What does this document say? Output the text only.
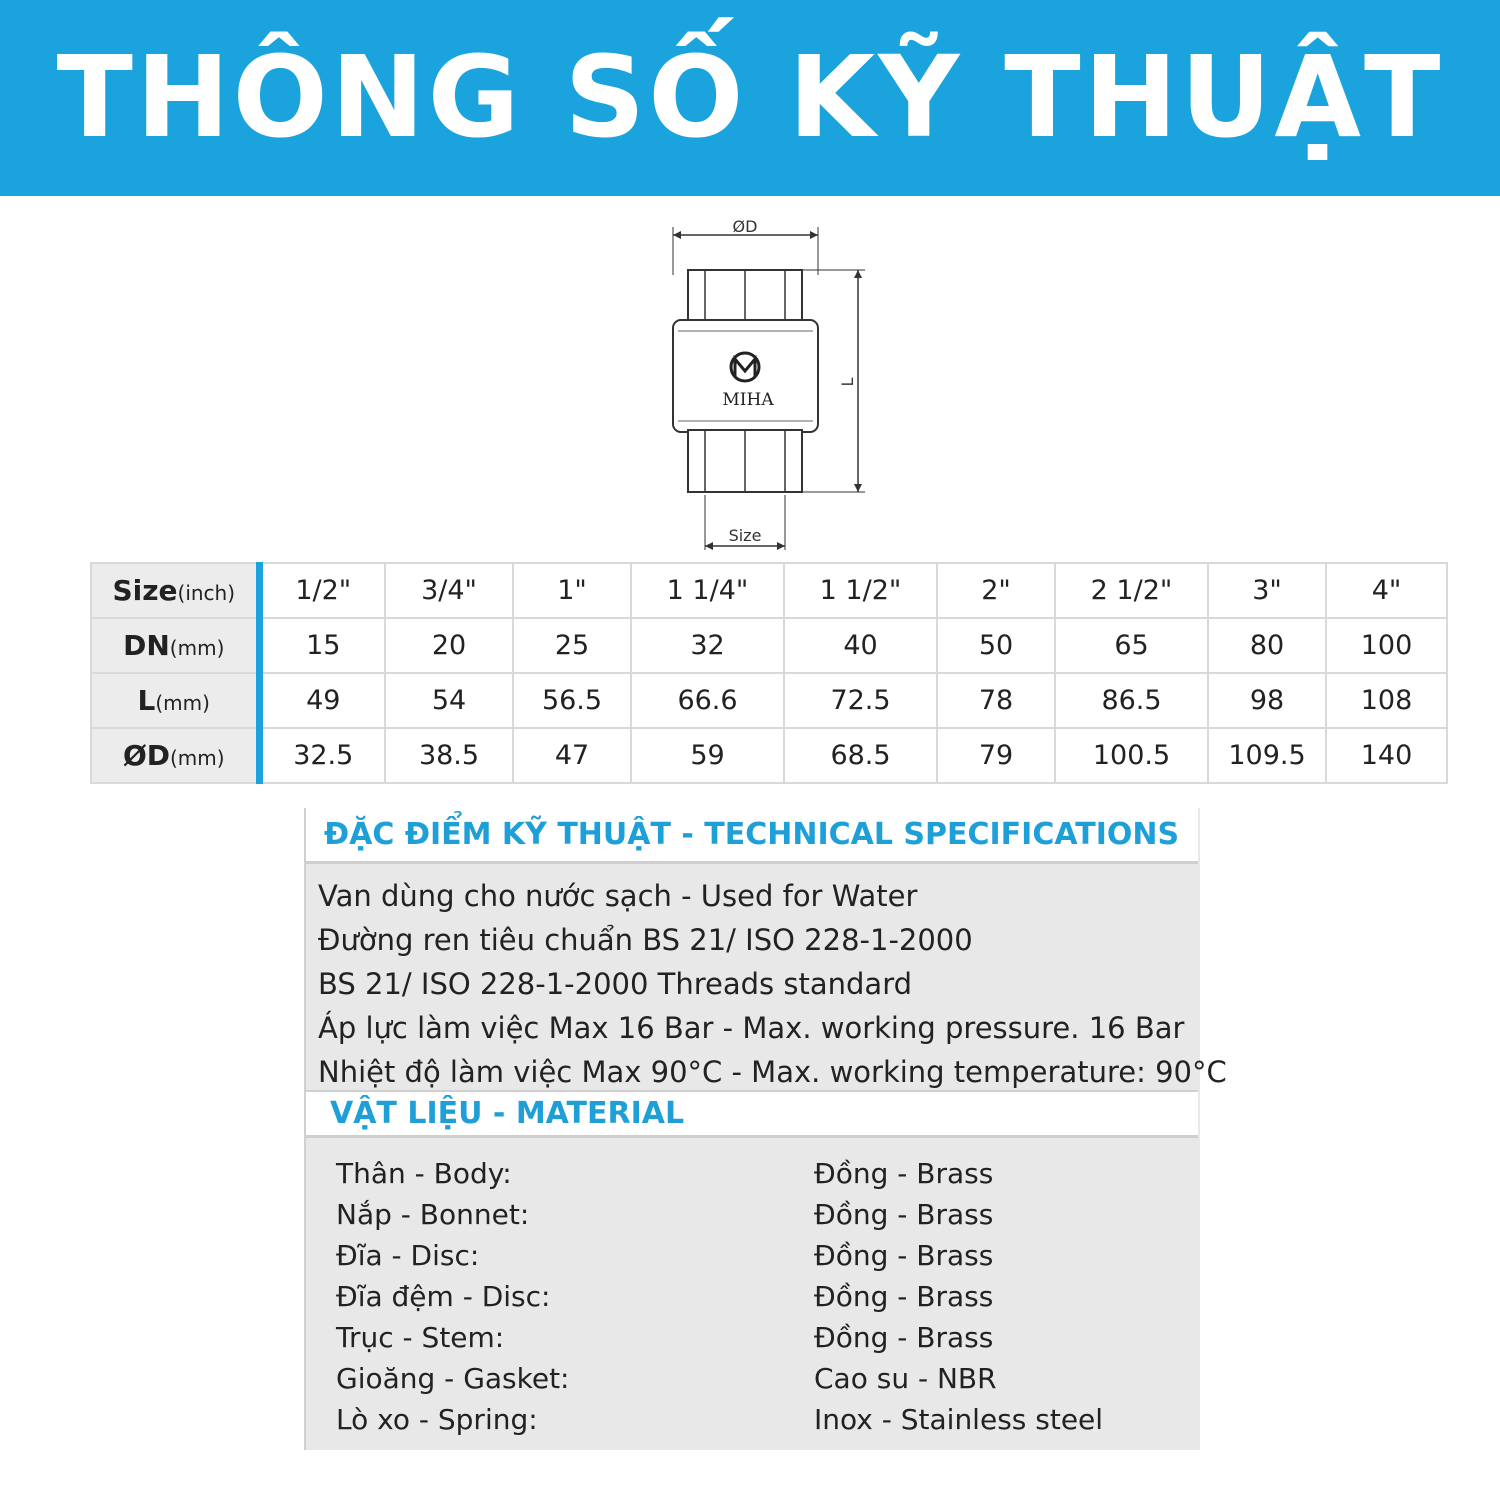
THÔNG SỐ KỸ THUẬT
ØD
MIHA
L
Size
Size(inch)	1/2"	3/4"	1"	1 1/4"	1 1/2"	2"	2 1/2"	3"	4"
DN(mm)	15	20	25	32	40	50	65	80	100
L(mm)	49	54	56.5	66.6	72.5	78	86.5	98	108
ØD(mm)	32.5	38.5	47	59	68.5	79	100.5	109.5	140
ĐẶC ĐIỂM KỸ THUẬT - TECHNICAL SPECIFICATIONS
Van dùng cho nước sạch - Used for Water
Đường ren tiêu chuẩn BS 21/ ISO 228-1-2000
BS 21/ ISO 228-1-2000 Threads standard
Áp lực làm việc Max 16 Bar - Max. working pressure. 16 Bar
Nhiệt độ làm việc Max 90°C - Max. working temperature: 90°C
VẬT LIỆU - MATERIAL
Thân - Body:	Đồng - Brass
Nắp - Bonnet:	Đồng - Brass
Đĩa - Disc:	Đồng - Brass
Đĩa đệm - Disc:	Đồng - Brass
Trục - Stem:	Đồng - Brass
Gioăng - Gasket:	Cao su - NBR
Lò xo - Spring:	Inox - Stainless steel
